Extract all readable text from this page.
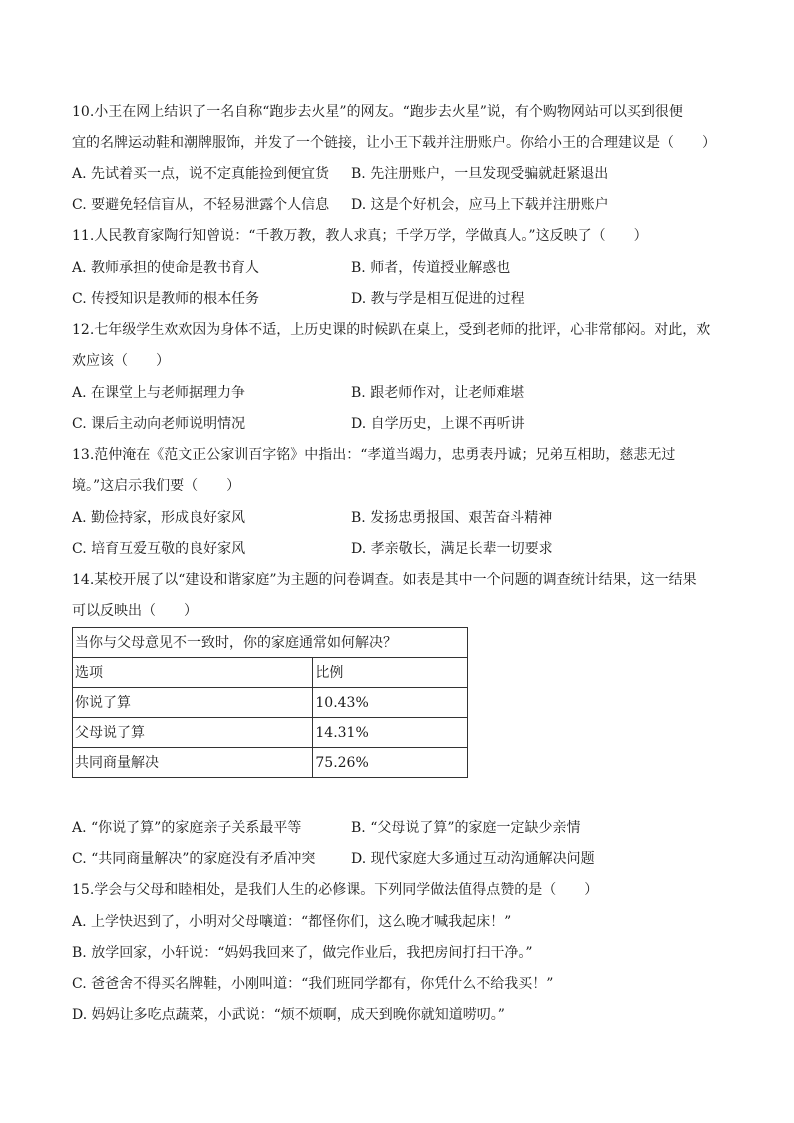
10.小王在网上结识了一名自称“跑步去火星”的网友。“跑步去火星”说，有个购物网站可以买到很便
宜的名牌运动鞋和潮牌服饰，并发了一个链接，让小王下载并注册账户。你给小王的合理建议是（　　）
A. 先试着买一点，说不定真能捡到便宜货 B. 先注册账户，一旦发现受骗就赶紧退出
C. 要避免轻信盲从，不轻易泄露个人信息 D. 这是个好机会，应马上下载并注册账户
11.人民教育家陶行知曾说：“千教万教，教人求真；千学万学，学做真人。”这反映了（　　）
A. 教师承担的使命是教书育人	B. 师者，传道授业解惑也
C. 传授知识是教师的根本任务	D. 教与学是相互促进的过程
12.七年级学生欢欢因为身体不适，上历史课的时候趴在桌上，受到老师的批评，心非常郁闷。对此，欢
欢应该（　　）
A. 在课堂上与老师据理力争	B. 跟老师作对，让老师难堪
C. 课后主动向老师说明情况	D. 自学历史，上课不再听讲
13.范仲淹在《范文正公家训百字铭》中指出：“孝道当竭力，忠勇表丹诚；兄弟互相助，慈悲无过
境。”这启示我们要（　　）
A. 勤俭持家，形成良好家风	B. 发扬忠勇报国、艰苦奋斗精神
C. 培育互爱互敬的良好家风	D. 孝亲敬长，满足长辈一切要求
14.某校开展了以“建设和谐家庭”为主题的问卷调查。如表是其中一个问题的调查统计结果，这一结果
可以反映出（　　）
当你与父母意见不一致时，你的家庭通常如何解决？	
选项	比例
你说了算	10.43%
父母说了算	14.31%
共同商量解决	75.26%
A. “你说了算”的家庭亲子关系最平等	B. “父母说了算”的家庭一定缺少亲情
C. “共同商量解决”的家庭没有矛盾冲突	D. 现代家庭大多通过互动沟通解决问题
15.学会与父母和睦相处，是我们人生的必修课。下列同学做法值得点赞的是（　　）
A. 上学快迟到了，小明对父母嚷道：“都怪你们，这么晚才喊我起床！”
B. 放学回家，小轩说：“妈妈我回来了，做完作业后，我把房间打扫干净。”
C. 爸爸舍不得买名牌鞋，小刚叫道：“我们班同学都有，你凭什么不给我买！”
D. 妈妈让多吃点蔬菜，小武说：“烦不烦啊，成天到晚你就知道唠叨。”
